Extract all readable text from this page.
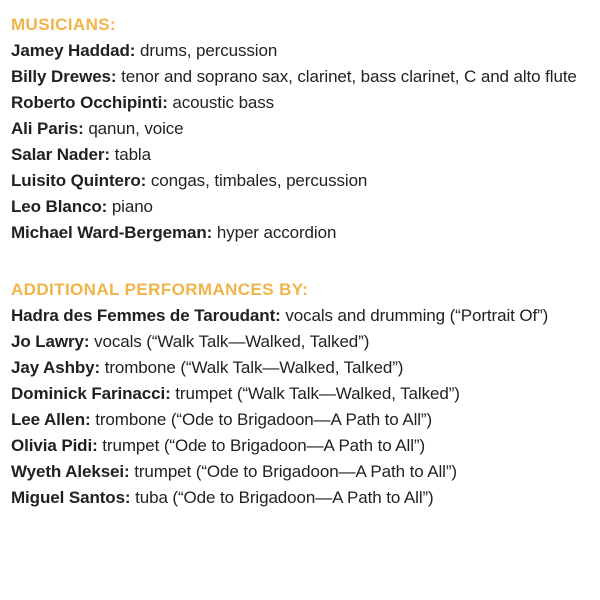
MUSICIANS:
Jamey Haddad: drums, percussion
Billy Drewes: tenor and soprano sax, clarinet, bass clarinet, C and alto flute
Roberto Occhipinti: acoustic bass
Ali Paris: qanun, voice
Salar Nader: tabla
Luisito Quintero: congas, timbales, percussion
Leo Blanco: piano
Michael Ward-Bergeman: hyper accordion
ADDITIONAL PERFORMANCES BY:
Hadra des Femmes de Taroudant: vocals and drumming (“Portrait Of”)
Jo Lawry: vocals (“Walk Talk—Walked, Talked”)
Jay Ashby: trombone (“Walk Talk—Walked, Talked”)
Dominick Farinacci: trumpet (“Walk Talk—Walked, Talked”)
Lee Allen: trombone (“Ode to Brigadoon—A Path to All”)
Olivia Pidi: trumpet (“Ode to Brigadoon—A Path to All”)
Wyeth Aleksei: trumpet (“Ode to Brigadoon—A Path to All”)
Miguel Santos: tuba (“Ode to Brigadoon—A Path to All”)
